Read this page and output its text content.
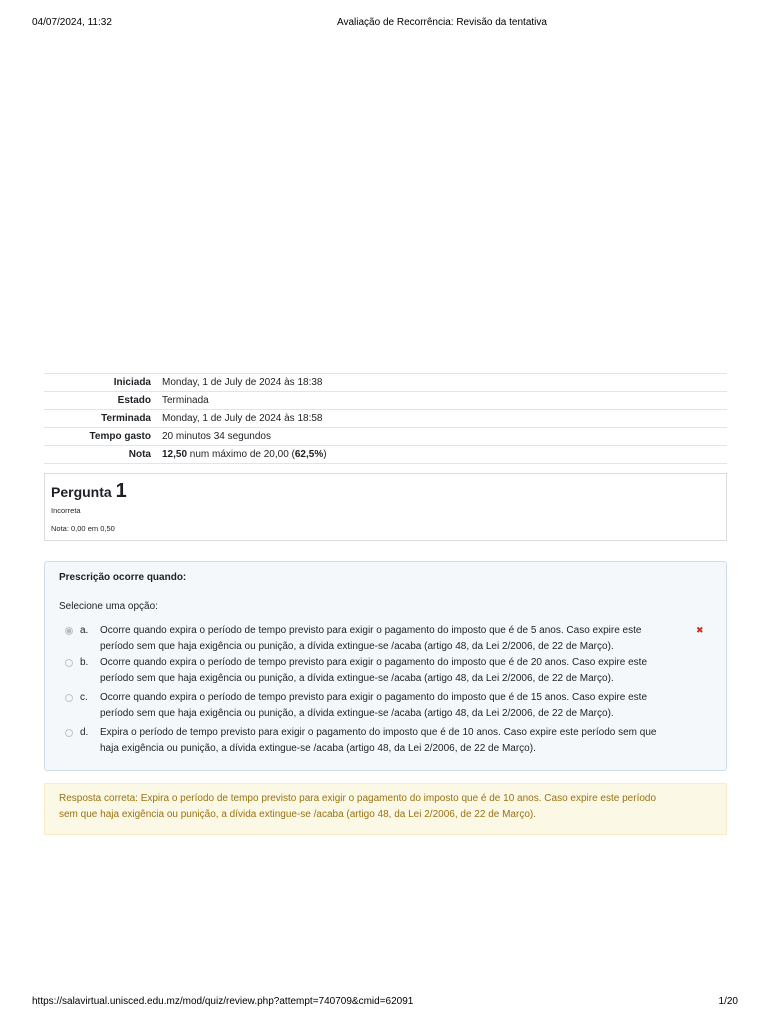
04/07/2024, 11:32	Avaliação de Recorrência: Revisão da tentativa
Iniciada	Monday, 1 de July de 2024 às 18:38
Estado	Terminada
Terminada	Monday, 1 de July de 2024 às 18:58
Tempo gasto	20 minutos 34 segundos
Nota	12,50 num máximo de 20,00 (62,5%)
Pergunta 1
Incorreta
Nota: 0,00 em 0,50
Prescrição ocorre quando:
Selecione uma opção:
a. Ocorre quando expira o período de tempo previsto para exigir o pagamento do imposto que é de 5 anos. Caso expire este
período sem que haja exigência ou punição, a dívida extingue-se /acaba (artigo 48, da Lei 2/2006, de 22 de Março).
✖
b. Ocorre quando expira o período de tempo previsto para exigir o pagamento do imposto que é de 20 anos. Caso expire este
período sem que haja exigência ou punição, a dívida extingue-se /acaba (artigo 48, da Lei 2/2006, de 22 de Março).
c. Ocorre quando expira o período de tempo previsto para exigir o pagamento do imposto que é de 15 anos. Caso expire este
período sem que haja exigência ou punição, a dívida extingue-se /acaba (artigo 48, da Lei 2/2006, de 22 de Março).
d. Expira o período de tempo previsto para exigir o pagamento do imposto que é de 10 anos. Caso expire este período sem que
haja exigência ou punição, a dívida extingue-se /acaba (artigo 48, da Lei 2/2006, de 22 de Março).
Resposta correta: Expira o período de tempo previsto para exigir o pagamento do imposto que é de 10 anos. Caso expire este período
sem que haja exigência ou punição, a dívida extingue-se /acaba (artigo 48, da Lei 2/2006, de 22 de Março).
https://salavirtual.unisced.edu.mz/mod/quiz/review.php?attempt=740709&cmid=62091	1/20
